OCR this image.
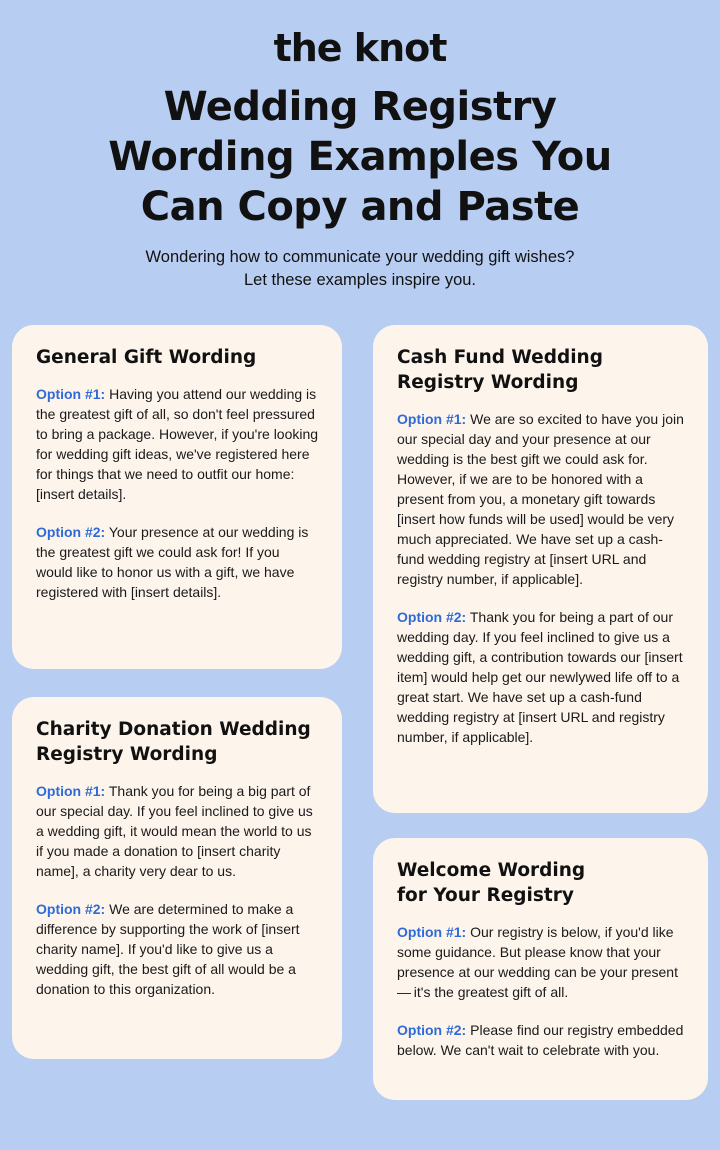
the knot
Wedding Registry
Wording Examples You
Can Copy and Paste
Wondering how to communicate your wedding gift wishes?
Let these examples inspire you.
General Gift Wording

Option #1: Having you attend our wedding is the greatest gift of all, so don't feel pressured to bring a package. However, if you're looking for wedding gift ideas, we've registered here for things that we need to outfit our home: [insert details].

Option #2: Your presence at our wedding is the greatest gift we could ask for! If you would like to honor us with a gift, we have registered with [insert details].

Charity Donation Wedding
Registry Wording

Option #1: Thank you for being a big part of our special day. If you feel inclined to give us a wedding gift, it would mean the world to us if you made a donation to [insert charity name], a charity very dear to us.

Option #2: We are determined to make a difference by supporting the work of [insert charity name]. If you'd like to give us a wedding gift, the best gift of all would be a donation to this organization.

Cash Fund Wedding
Registry Wording

Option #1: We are so excited to have you join our special day and your presence at our wedding is the best gift we could ask for. However, if we are to be honored with a present from you, a monetary gift towards [insert how funds will be used] would be very much appreciated. We have set up a cash-fund wedding registry at [insert URL and registry number, if applicable].

Option #2: Thank you for being a part of our wedding day. If you feel inclined to give us a wedding gift, a contribution towards our [insert item] would help get our newlywed life off to a great start. We have set up a cash-fund wedding registry at [insert URL and registry number, if applicable].

Welcome Wording
for Your Registry

Option #1: Our registry is below, if you'd like some guidance. But please know that your presence at our wedding can be your present — it's the greatest gift of all.

Option #2: Please find our registry embedded below. We can't wait to celebrate with you.
